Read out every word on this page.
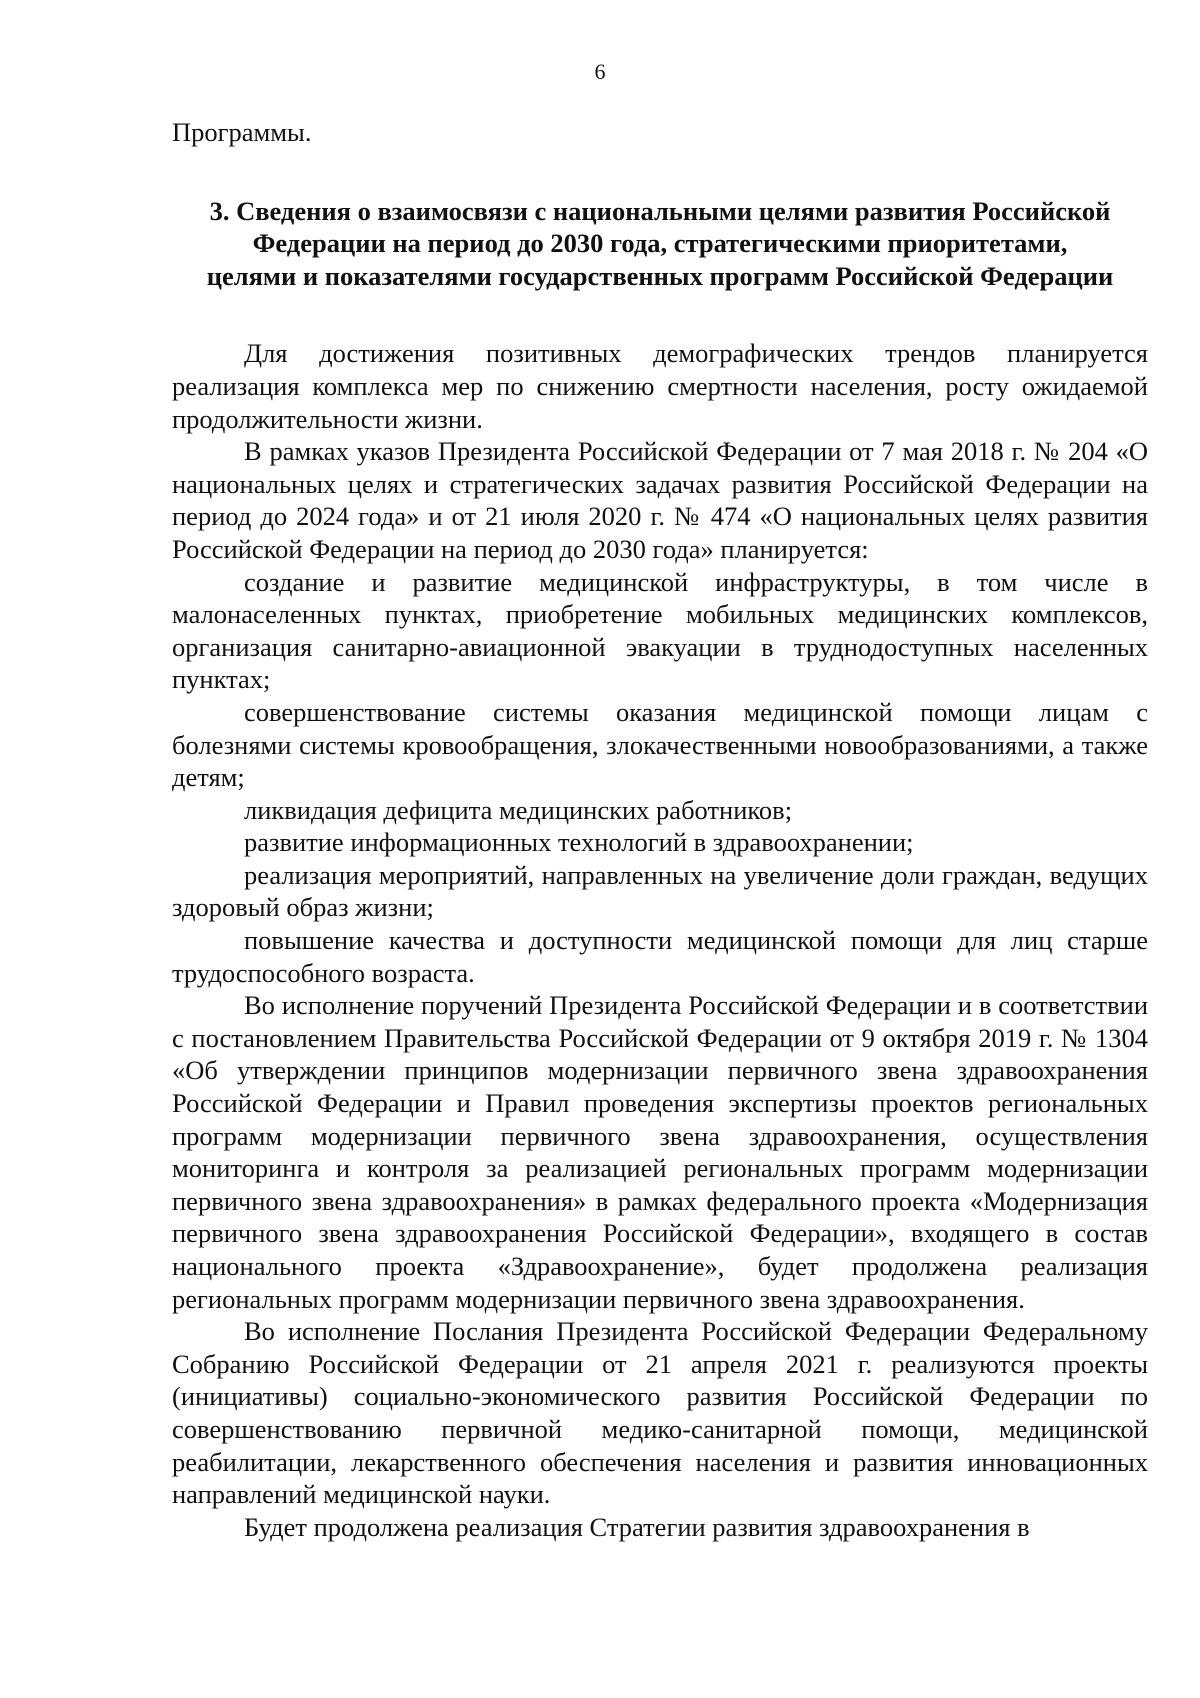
6

Программы.

3. Сведения о взаимосвязи с национальными целями развития Российской
Федерации на период до 2030 года, стратегическими приоритетами,
целями и показателями государственных программ Российской Федерации

Для достижения позитивных демографических трендов планируется реализация комплекса мер по снижению смертности населения, росту ожидаемой продолжительности жизни.

В рамках указов Президента Российской Федерации от 7 мая 2018 г. № 204 «О национальных целях и стратегических задачах развития Российской Федерации на период до 2024 года» и от 21 июля 2020 г. № 474 «О национальных целях развития Российской Федерации на период до 2030 года» планируется:

создание и развитие медицинской инфраструктуры, в том числе в малонаселенных пунктах, приобретение мобильных медицинских комплексов, организация санитарно-авиационной эвакуации в труднодоступных населенных пунктах;

совершенствование системы оказания медицинской помощи лицам с болезнями системы кровообращения, злокачественными новообразованиями, а также детям;

ликвидация дефицита медицинских работников;

развитие информационных технологий в здравоохранении;

реализация мероприятий, направленных на увеличение доли граждан, ведущих здоровый образ жизни;

повышение качества и доступности медицинской помощи для лиц старше трудоспособного возраста.

Во исполнение поручений Президента Российской Федерации и в соответствии с постановлением Правительства Российской Федерации от 9 октября 2019 г. № 1304 «Об утверждении принципов модернизации первичного звена здравоохранения Российской Федерации и Правил проведения экспертизы проектов региональных программ модернизации первичного звена здравоохранения, осуществления мониторинга и контроля за реализацией региональных программ модернизации первичного звена здравоохранения» в рамках федерального проекта «Модернизация первичного звена здравоохранения Российской Федерации», входящего в состав национального проекта «Здравоохранение», будет продолжена реализация региональных программ модернизации первичного звена здравоохранения.

Во исполнение Послания Президента Российской Федерации Федеральному Собранию Российской Федерации от 21 апреля 2021 г. реализуются проекты (инициативы) социально-экономического развития Российской Федерации по совершенствованию первичной медико-санитарной помощи, медицинской реабилитации, лекарственного обеспечения населения и развития инновационных направлений медицинской науки.

Будет продолжена реализация Стратегии развития здравоохранения в
